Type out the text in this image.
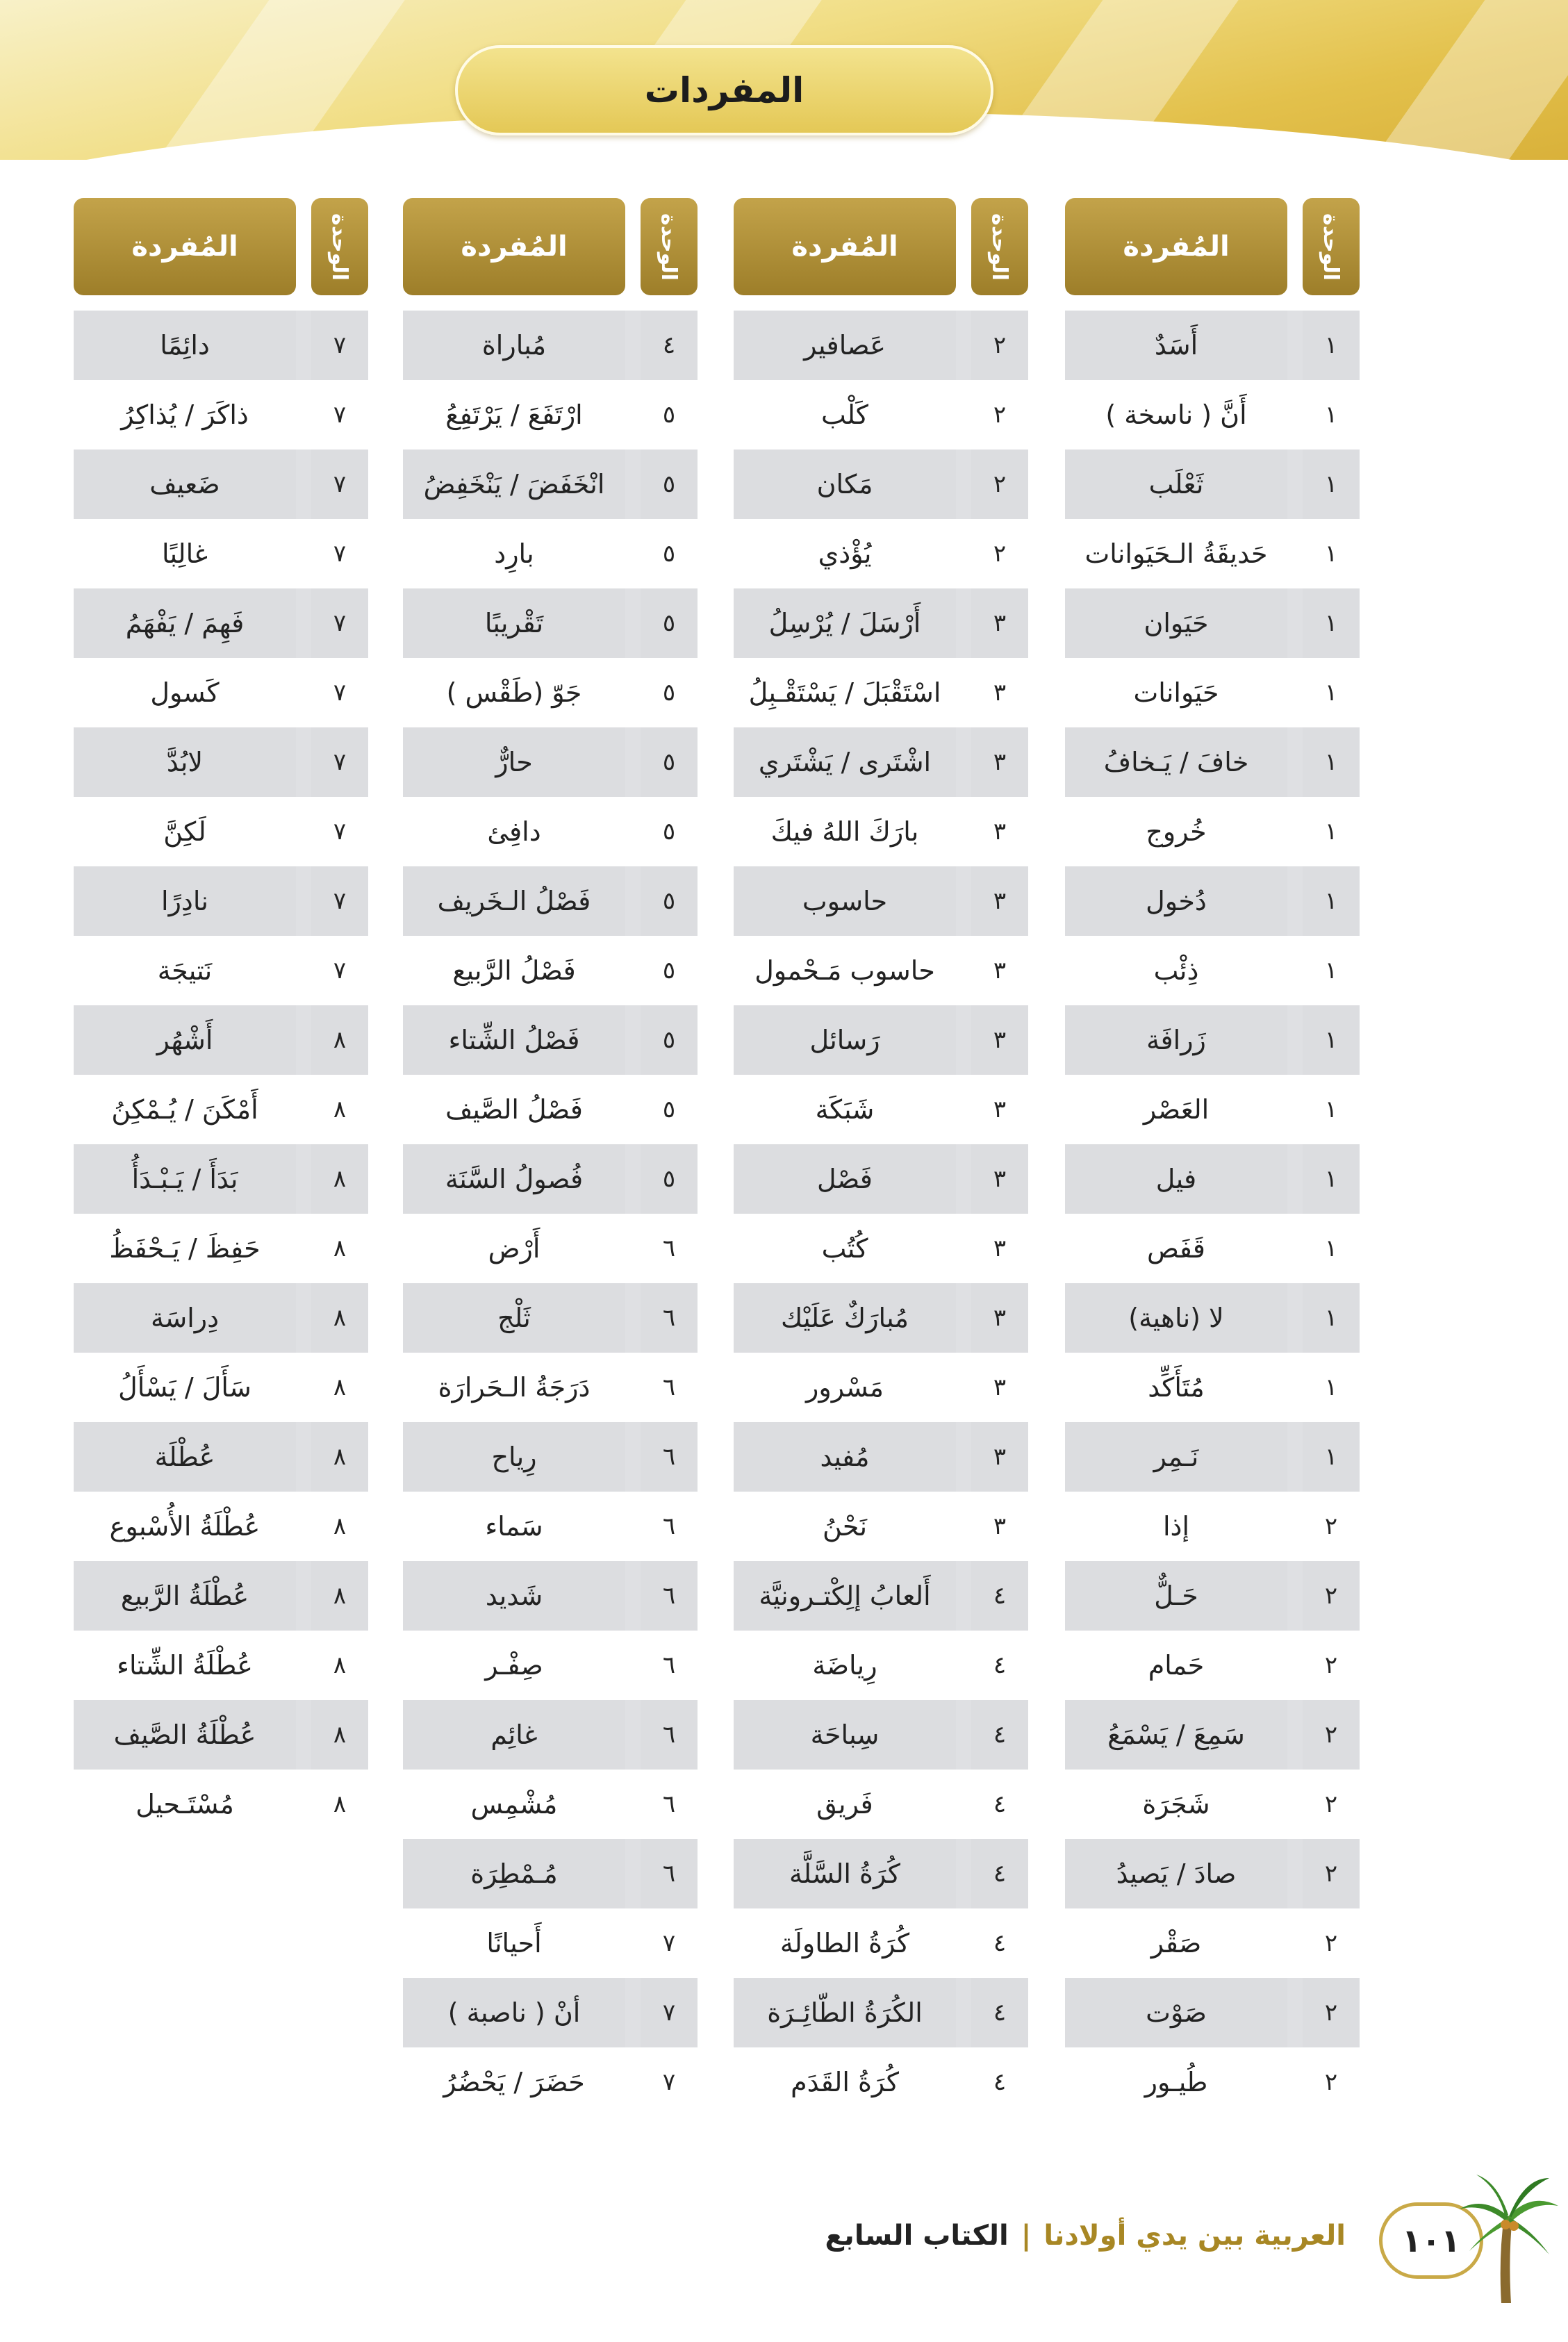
المفردات
الوحدة
المُفردة
١
أَسَدٌ
١
أَنَّ ( ناسخة )
١
ثَعْلَب
١
حَديقَةُ الـحَيَوانات
١
حَيَوان
١
حَيَوانات
١
خافَ / يَـخافُ
١
خُروج
١
دُخول
١
ذِئْب
١
زَرافَة
١
العَصْر
١
فيل
١
قَفَص
١
لا (ناهية)
١
مُتَأَكِّد
١
نَـمِر
٢
إذا
٢
حَـلٌّ
٢
حَمام
٢
سَمِعَ / يَسْمَعُ
٢
شَجَرَة
٢
صادَ / يَصيدُ
٢
صَقْر
٢
صَوْت
٢
طُيـور
الوحدة
المُفردة
٢
عَصافير
٢
كَلْب
٢
مَكان
٢
يُؤْذي
٣
أَرْسَلَ / يُرْسِلُ
٣
اسْتَقْبَلَ / يَسْتَقْـبِلُ
٣
اشْتَرى / يَشْتَري
٣
بارَكَ اللهُ فيكَ
٣
حاسوب
٣
حاسوب مَـحْمول
٣
رَسائل
٣
شَبَكَة
٣
فَصْل
٣
كُتُب
٣
مُبارَكٌ عَلَيْك
٣
مَسْرور
٣
مُفيد
٣
نَحْنُ
٤
أَلعابُ إلِكْتـرونيَّة
٤
رِياضَة
٤
سِباحَة
٤
فَريق
٤
كُرَةُ السَّلَّة
٤
كُرَةُ الطاولَة
٤
الكُرَةُ الطّائِـرَة
٤
كُرَةُ القَدَم
الوحدة
المُفردة
٤
مُباراة
٥
ارْتَفَعَ / يَرْتَفِعُ
٥
انْخَفَضَ / يَنْخَفِضُ
٥
بارِد
٥
تَقْريبًا
٥
جَوّ (طَقْس )
٥
حارٌّ
٥
دافِئ
٥
فَصْلُ الـخَريف
٥
فَصْلُ الرَّبيع
٥
فَصْلُ الشِّتاء
٥
فَصْلُ الصَّيف
٥
فُصولُ السَّنَة
٦
أَرْض
٦
ثَلْج
٦
دَرَجَةُ الـحَرارَة
٦
رِياح
٦
سَماء
٦
شَديد
٦
صِفْـر
٦
غائِم
٦
مُشْمِس
٦
مُـمْطِرَة
٧
أَحيانًا
٧
أنْ ( ناصبة )
٧
حَضَرَ / يَحْضُرُ
الوحدة
المُفردة
٧
دائِمًا
٧
ذاكَرَ / يُذاكِرُ
٧
ضَعيف
٧
غالِبًا
٧
فَهِمَ / يَفْهَمُ
٧
كَسول
٧
لابُدَّ
٧
لَكِنَّ
٧
نادِرًا
٧
نَتيجَة
٨
أَشْهُر
٨
أَمْكَنَ / يُـمْكِنُ
٨
بَدَأَ / يَـبْـدَأُ
٨
حَفِظَ / يَـحْفَظُ
٨
دِراسَة
٨
سَأَلَ / يَسْأَلُ
٨
عُطْلَة
٨
عُطْلَةُ الأُسْبوع
٨
عُطْلَةُ الرَّبيع
٨
عُطْلَةُ الشِّتاء
٨
عُطْلَةُ الصَّيف
٨
مُسْتَـحيل
العربية بين يدي أولادنا|الكتاب السابع	١٠١
